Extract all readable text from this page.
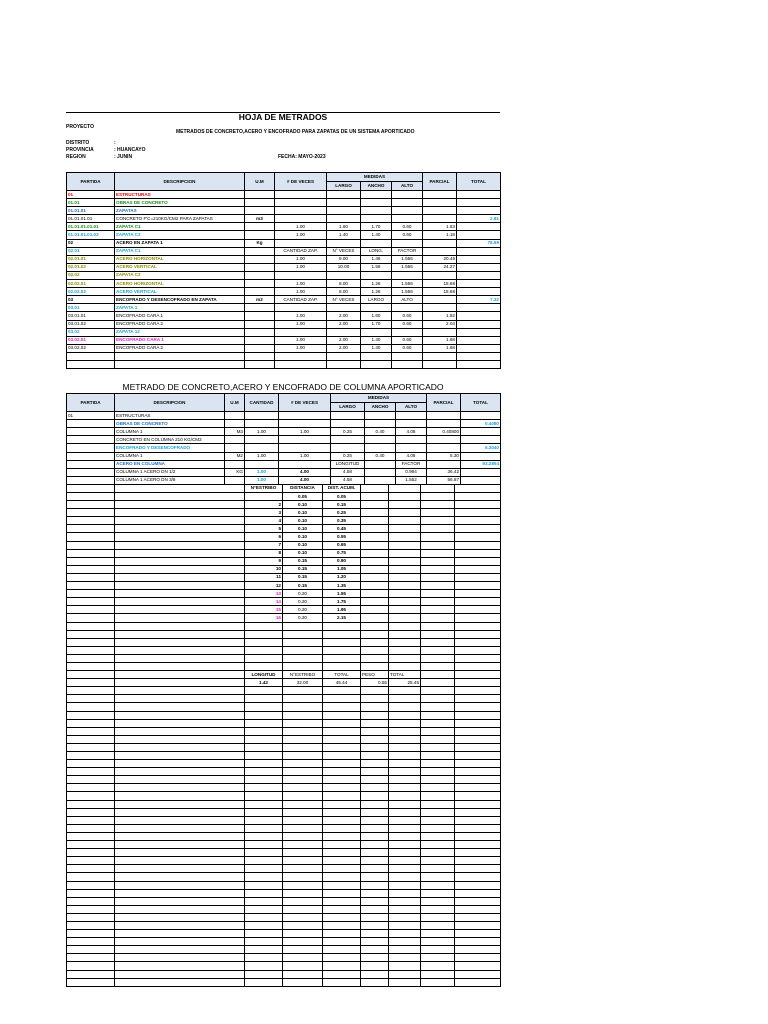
HOJA DE METRADOS
PROYECTO
METRADOS DE CONCRETO,ACERO Y ENCOFRADO PARA ZAPATAS DE UN SISTEMA APORTICADO
DISTRITO	:
PROVINCIA	: HUANCAYO
REGION	: JUNIN	FECHA: MAYO-2023
PARTIDA	DESCRIPCION	U.M	# DE VECES	MEDIDAS			PARCIAL	TOTAL
				LARGO	ANCHO	ALTO		
01	ESTRUCTURAS							
01.01	OBRAS DE CONCRETO							
01.01.01	ZAPATAS							
01.01.01.01	CONCRETO F'C=210KG/CM2 PARA ZAPATAS	m3						2.81
01.01.01.01.01	ZAPATA C1		1.00	1.60	1.70	0.60	1.63	
01.01.01.01.02	ZAPATA C2		1.00	1.40	1.40	0.60	1.18	
02	ACERO EN ZAPATA 1	Kg						76.69
02.01	ZAPATA C1		CANTIDAD ZAP.	N° VECES	LONG.	FACTOR		
02.01.01	ACERO HORIZONTAL		1.00	9.00	1.46	1.556	20.45	
02.01.02	ACERO VERTICAL		1.00	10.00	1.56	1.556	24.27	
02.02	ZAPATA C2							
02.02.01	ACERO HORIZONTAL		1.00	8.00	1.26	1.556	15.68	
02.02.02	ACERO VERTICAL		1.00	8.00	1.26	1.556	15.68	
03	ENCOFRADO Y DESENCOFRADO EN ZAPATA	m2	CANTIDAD ZAP.	N° VECES	LARGO	ALTO		7.32
03.01	ZAPATA 1							
03.01.01	ENCOFRADO CARA 1		1.00	2.00	1.60	0.60	1.92	
03.01.02	ENCOFRADO CARA 2		1.00	2.00	1.70	0.60	2.04	
03.02	ZAPATA 12							
03.02.01	ENCOFRADO CARA 1		1.00	2.00	1.40	0.60	1.68	
03.02.02	ENCOFRADO CARA 2		1.00	2.00	1.40	0.60	1.68	

METRADO DE CONCRETO,ACERO Y ENCOFRADO DE COLUMNA APORTICADO
PARTIDA	DESCRIPCION	U.M	CANTIDAD	# DE VECES	MEDIDAS			PARCIAL	TOTAL
					LARGO	ANCHO	ALTO		
01	ESTRUCTURAS								
	OBRAS DE CONCRETO								0.4080
	COLUMNA 1	M3	1.00	1.00	0.25	0.40	4.08	0.40800	
	CONCRETO EN COLUMNA 210 KG/CM2								
	ENCOFRADO Y DESENCOFRADO								5.3040
	COLUMNA 1	M2	1.00	1.00	0.25	0.40	4.08	5.30	
	ACERO EN COLUMNA				LONGITUD		FACTOR		93.2854
	COLUMNA 1 ACERO DN 1/2	KG	1.00	4.00	4.58		0.994	36.42	
	COLUMNA 1 ACERO DN 3/8		1.00	4.00	4.58		1.552	56.87	
		N°ESTRIBO	DISTANCIA	DIST. ACUM.				
			0.05	0.05				
		2	0.10	0.15				
		3	0.10	0.25				
		4	0.10	0.35				
		5	0.10	0.45				
		6	0.10	0.55				
		7	0.10	0.65				
		8	0.10	0.75				
		9	0.15	0.90				
		10	0.15	1.05				
		11	0.15	1.20				
		12	0.15	1.35				
		13	0.20	1.55				
		14	0.20	1.75				
		15	0.20	1.95				
		16	0.20	2.15				

		LONGITUD	N°ESTRIBO	TOTAL	PESO	TOTAL		
		1.42	32.00	45.44	0.56	25.45		
